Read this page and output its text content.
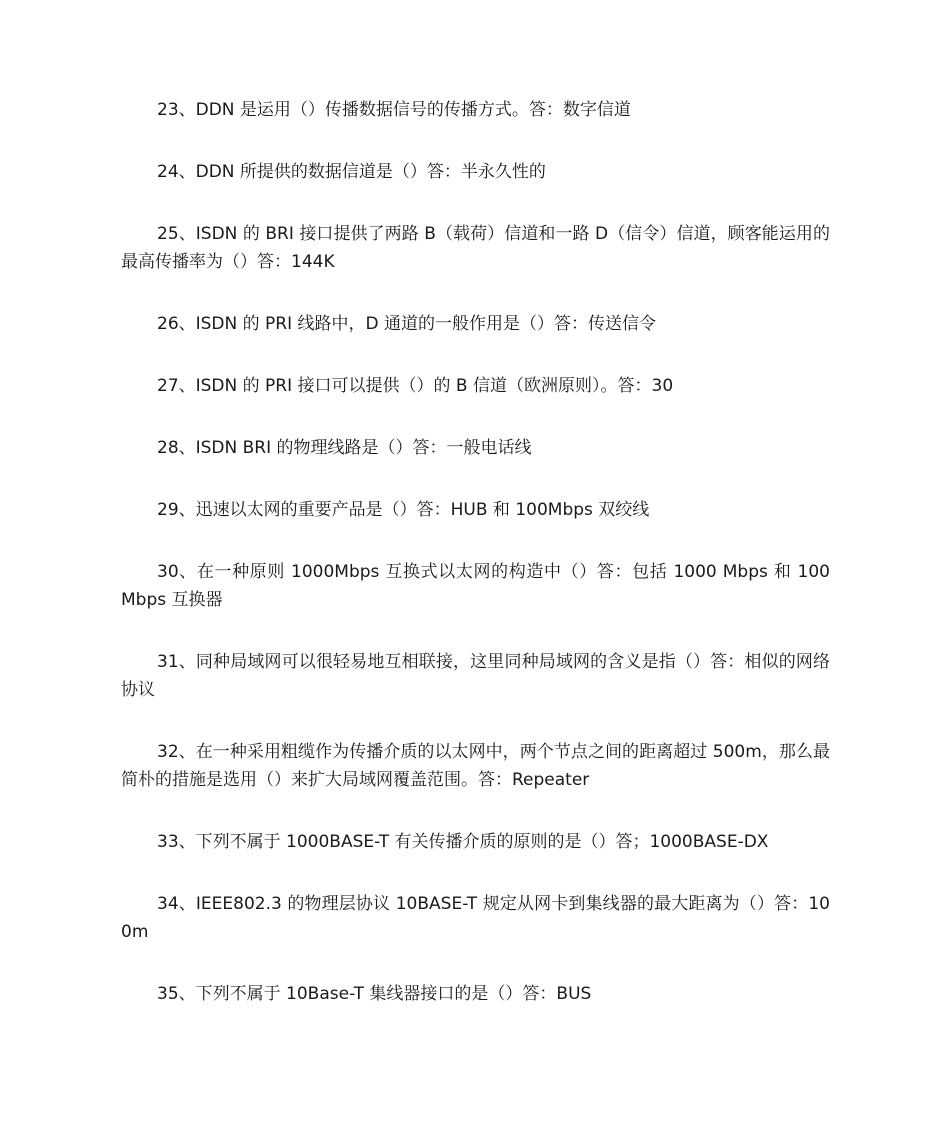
23、DDN 是运用（）传播数据信号的传播方式。答：数字信道

24、DDN 所提供的数据信道是（）答：半永久性的

25、ISDN 的 BRI 接口提供了两路 B（载荷）信道和一路 D（信令）信道，顾客能运用的最高传播率为（）答：144K

26、ISDN 的 PRI 线路中，D 通道的一般作用是（）答：传送信令

27、ISDN 的 PRI 接口可以提供（）的 B 信道（欧洲原则）。答：30

28、ISDN BRI 的物理线路是（）答：一般电话线

29、迅速以太网的重要产品是（）答：HUB 和 100Mbps 双绞线

30、在一种原则 1000Mbps 互换式以太网的构造中（）答：包括 1000 Mbps 和 100 Mbps 互换器

31、同种局域网可以很轻易地互相联接，这里同种局域网的含义是指（）答：相似的网络协议

32、在一种采用粗缆作为传播介质的以太网中，两个节点之间的距离超过 500m，那么最简朴的措施是选用（）来扩大局域网覆盖范围。答：Repeater

33、下列不属于 1000BASE-T 有关传播介质的原则的是（）答；1000BASE-DX

34、IEEE802.3 的物理层协议 10BASE-T 规定从网卡到集线器的最大距离为（）答：100m

35、下列不属于 10Base-T 集线器接口的是（）答：BUS
